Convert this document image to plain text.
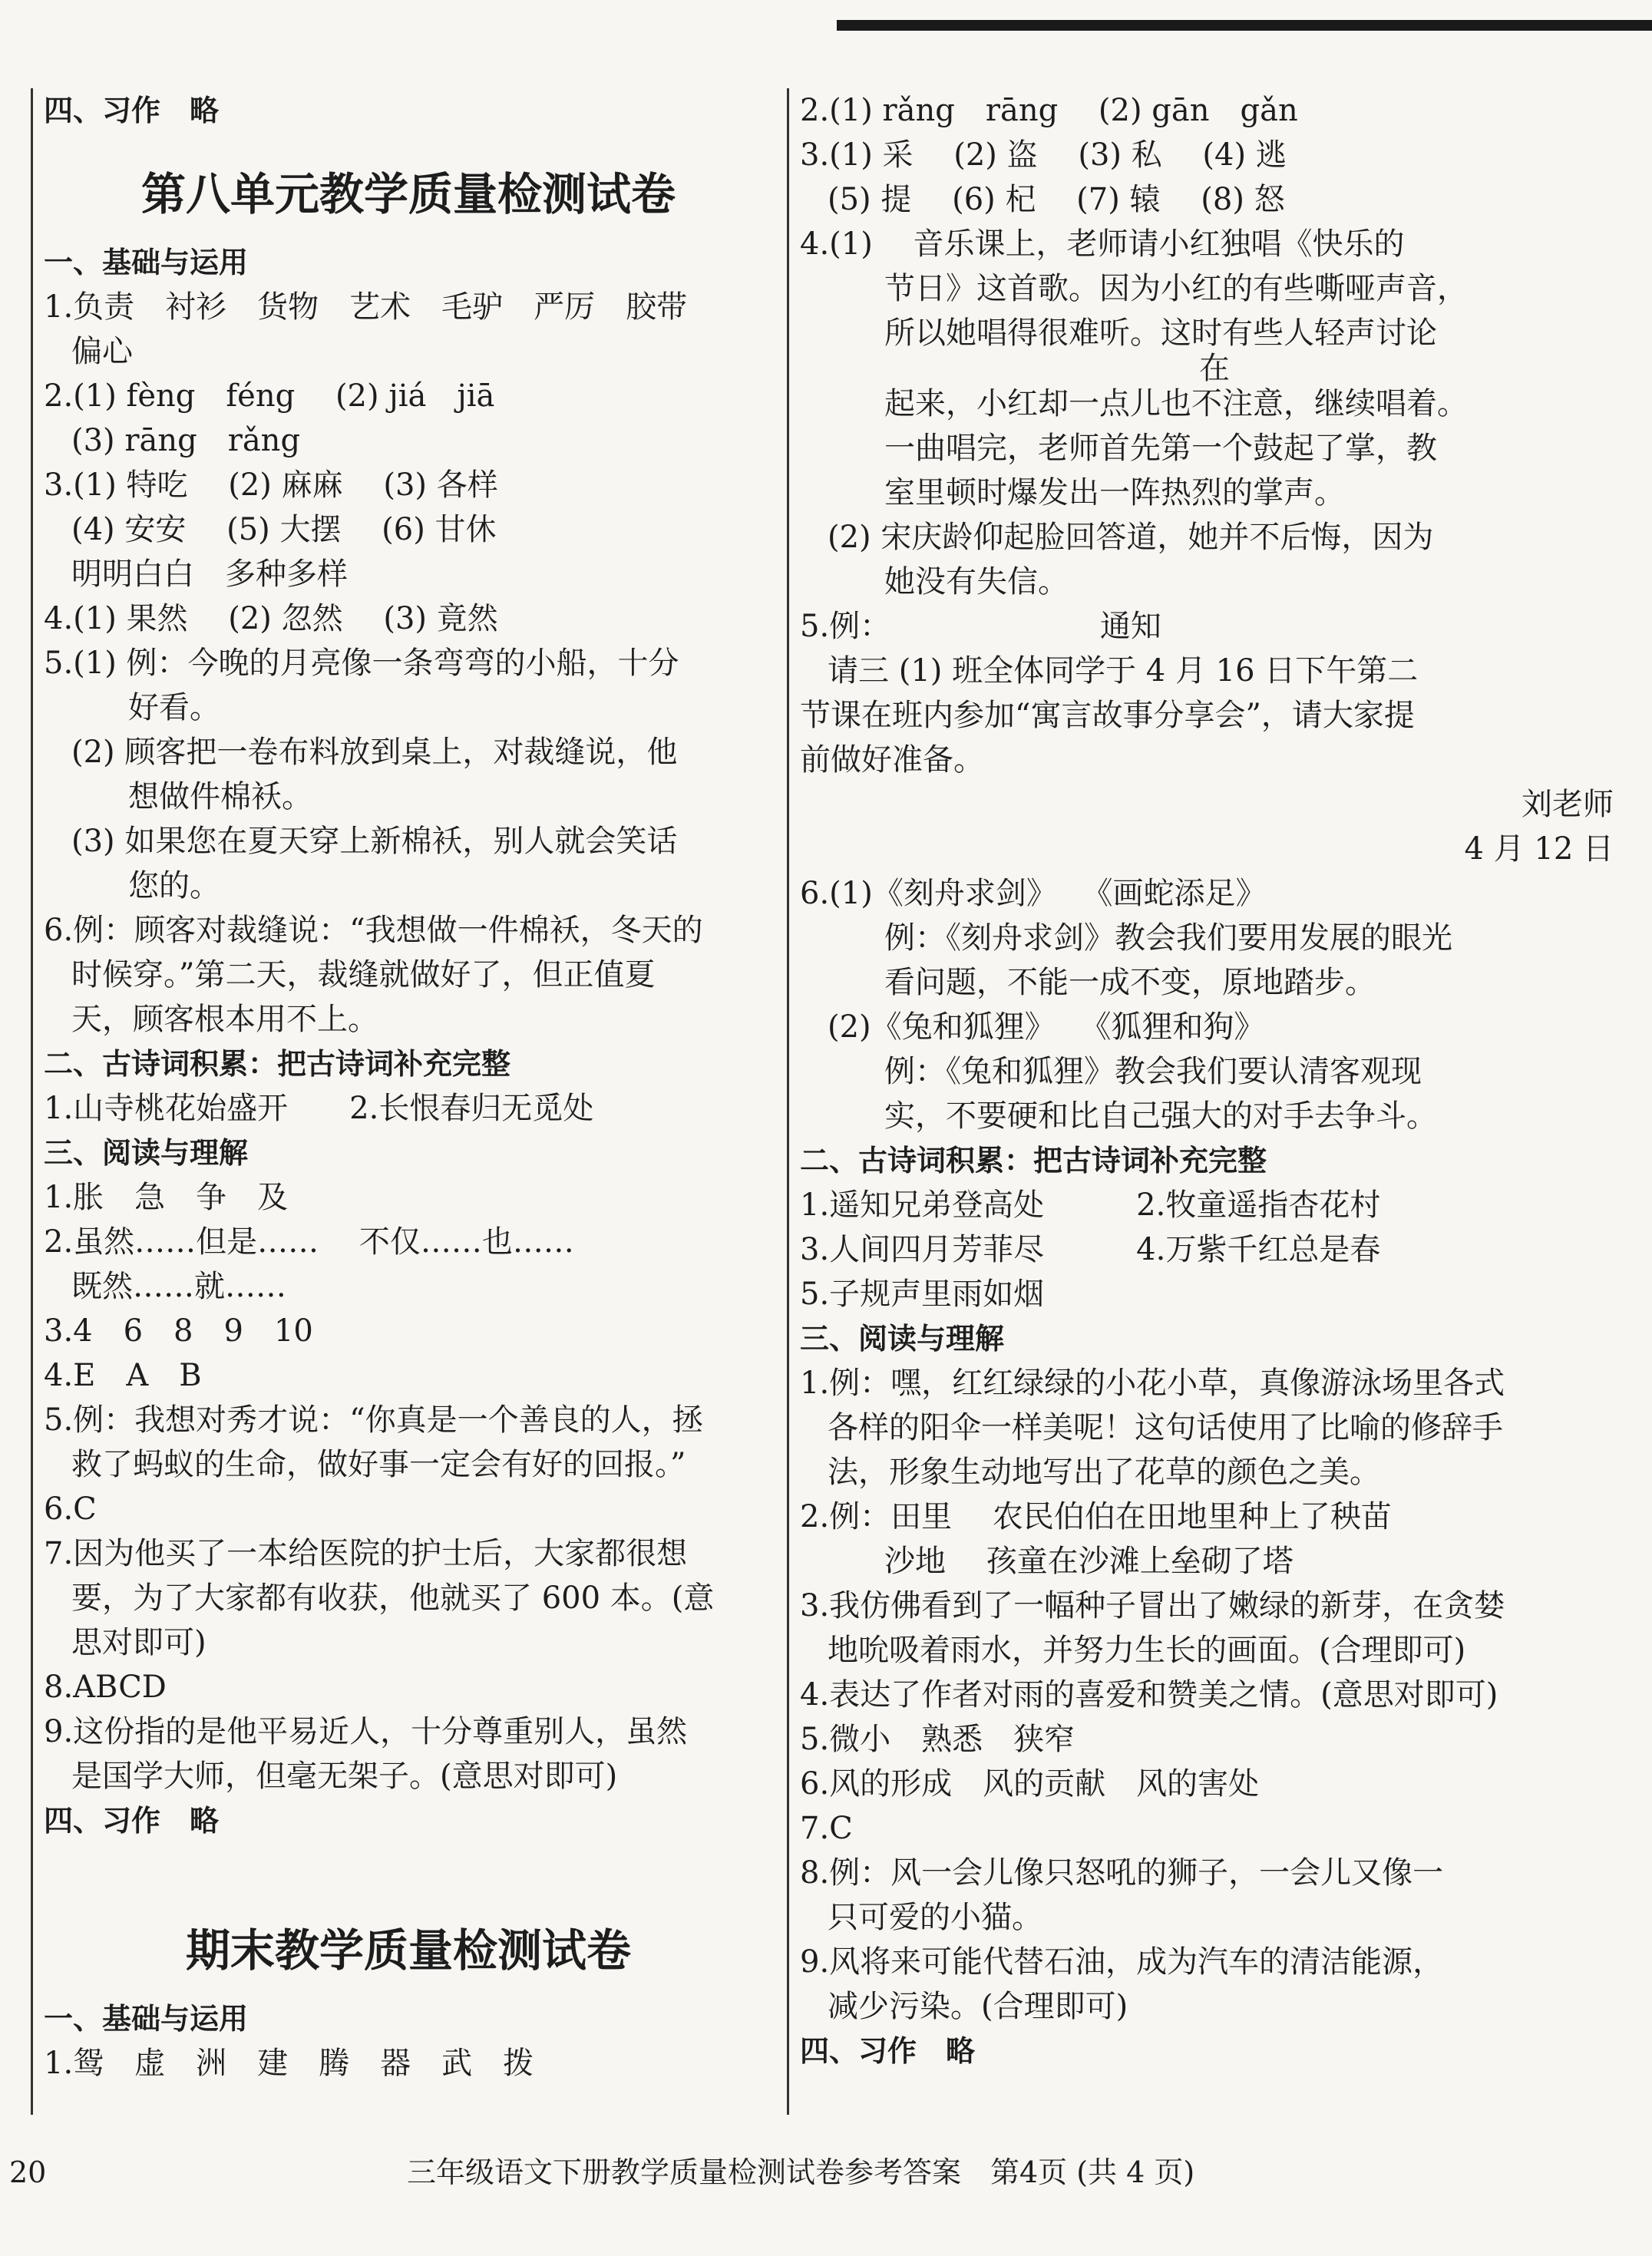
四、习作　略
第八单元教学质量检测试卷
一、基础与运用
1.负责　衬衫　货物　艺术　毛驴　严厉　胶带
偏心
2.(1) fèng　féng　 (2) jiá　jiā
(3) rāng　rǎng
3.(1) 特吃　 (2) 麻麻　 (3) 各样
(4) 安安　 (5) 大摆　 (6) 甘休
明明白白　多种多样
4.(1) 果然　 (2) 忽然　 (3) 竟然
5.(1) 例：今晚的月亮像一条弯弯的小船，十分
好看。
(2) 顾客把一卷布料放到桌上，对裁缝说，他
想做件棉袄。
(3) 如果您在夏天穿上新棉袄，别人就会笑话
您的。
6.例：顾客对裁缝说：“我想做一件棉袄，冬天的
时候穿。”第二天，裁缝就做好了，但正值夏
天，顾客根本用不上。
二、古诗词积累：把古诗词补充完整
1.山寺桃花始盛开　　2.长恨春归无觅处
三、阅读与理解
1.胀　急　争　及
2.虽然……但是……　 不仅……也……
既然……就……
3.4　6　8　9　10
4.E　A　B
5.例：我想对秀才说：“你真是一个善良的人，拯
救了蚂蚁的生命，做好事一定会有好的回报。”
6.C
7.因为他买了一本给医院的护士后，大家都很想
要，为了大家都有收获，他就买了 600 本。(意
思对即可)
8.ABCD
9.这份指的是他平易近人，十分尊重别人，虽然
是国学大师，但毫无架子。(意思对即可)
四、习作　略
期末教学质量检测试卷
一、基础与运用
1.鸳　虚　洲　建　腾　器　武　拨
2.(1) rǎng　rāng　 (2) gān　gǎn
3.(1) 采　 (2) 盗　 (3) 私　 (4) 逃
(5) 提　 (6) 杞　 (7) 辕　 (8) 怒
4.(1)　 音乐课上，老师请小红独唱《快乐的
节日》这首歌。因为小红的有些嘶哑声音，
所以她唱得很难听。这时有些人轻声讨论
在
起来，小红却一点儿也不注意，继续唱着。
一曲唱完，老师首先第一个鼓起了掌，教
室里顿时爆发出一阵热烈的掌声。
(2) 宋庆龄仰起脸回答道，她并不后悔，因为
她没有失信。
5.例：　　　　　　　 通知
请三 (1) 班全体同学于 4 月 16 日下午第二
节课在班内参加“寓言故事分享会”，请大家提
前做好准备。
刘老师
4 月 12 日
6.(1)《刻舟求剑》　 《画蛇添足》
例：《刻舟求剑》教会我们要用发展的眼光
看问题，不能一成不变，原地踏步。
(2)《兔和狐狸》　 《狐狸和狗》
例：《兔和狐狸》教会我们要认清客观现
实，不要硬和比自己强大的对手去争斗。
二、古诗词积累：把古诗词补充完整
1.遥知兄弟登高处　　　2.牧童遥指杏花村
3.人间四月芳菲尽　　　4.万紫千红总是春
5.子规声里雨如烟
三、阅读与理解
1.例：嘿，红红绿绿的小花小草，真像游泳场里各式
各样的阳伞一样美呢！这句话使用了比喻的修辞手
法，形象生动地写出了花草的颜色之美。
2.例：田里　 农民伯伯在田地里种上了秧苗
沙地　 孩童在沙滩上垒砌了塔
3.我仿佛看到了一幅种子冒出了嫩绿的新芽，在贪婪
地吮吸着雨水，并努力生长的画面。(合理即可)
4.表达了作者对雨的喜爱和赞美之情。(意思对即可)
5.微小　熟悉　狭窄
6.风的形成　风的贡献　风的害处
7.C
8.例：风一会儿像只怒吼的狮子，一会儿又像一
只可爱的小猫。
9.风将来可能代替石油，成为汽车的清洁能源，
减少污染。(合理即可)
四、习作　略
20	三年级语文下册教学质量检测试卷参考答案　第4页 (共 4 页)
